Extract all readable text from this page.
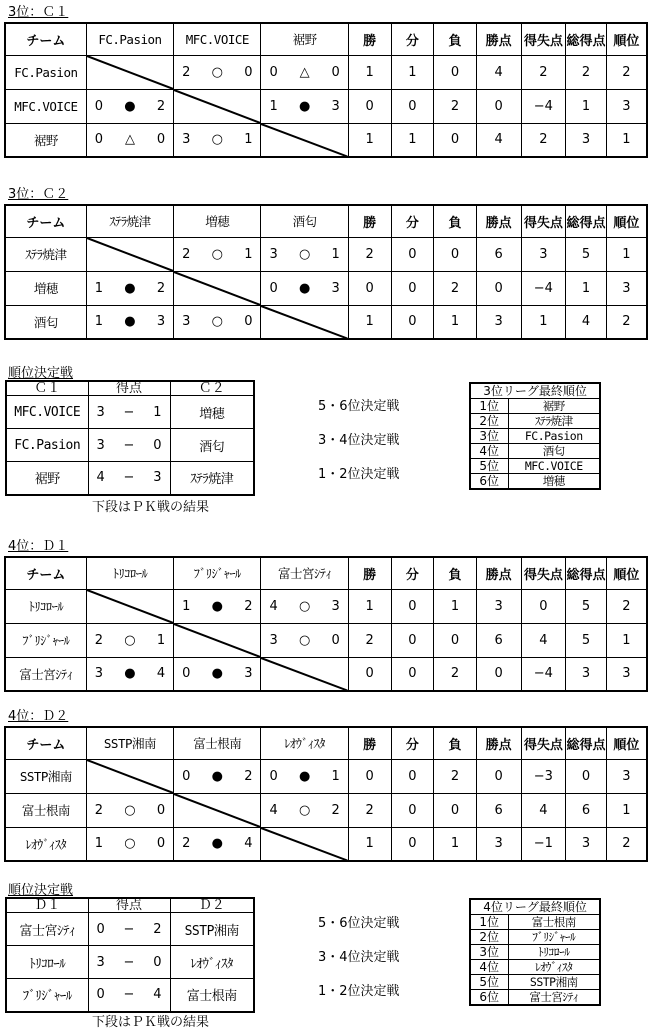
3位：Ｃ１
チーム	FC.Pasion	MFC.VOICE	裾野	勝	分	負	勝点	得失点	総得点	順位
FC.Pasion		2 ○ 0	0 △ 0	1	1	0	4	2	2	2
MFC.VOICE	0 ● 2		1 ● 3	0	0	2	0	−4	1	3
裾野	0 △ 0	3 ○ 1		1	1	0	4	2	3	1
3位：Ｃ２
チーム	ｽﾃﾗ焼津	増穂	酒匂	勝	分	負	勝点	得失点	総得点	順位
ｽﾃﾗ焼津		2 ○ 1	3 ○ 1	2	0	0	6	3	5	1
増穂	1 ● 2		0 ● 3	0	0	2	0	−4	1	3
酒匂	1 ● 3	3 ○ 0		1	0	1	3	1	4	2
4位：Ｄ１
チーム	ﾄﾘｺﾛｰﾙ	ﾌﾞﾘｼﾞｬｰﾙ	富士宮ｼﾃｨ	勝	分	負	勝点	得失点	総得点	順位
ﾄﾘｺﾛｰﾙ		1 ● 2	4 ○ 3	1	0	1	3	0	5	2
ﾌﾞﾘｼﾞｬｰﾙ	2 ○ 1		3 ○ 0	2	0	0	6	4	5	1
富士宮ｼﾃｨ	3 ● 4	0 ● 3		0	0	2	0	−4	3	3
4位：Ｄ２
チーム	SSTP湘南	富士根南	ﾚｵｳﾞｨｽﾀ	勝	分	負	勝点	得失点	総得点	順位
SSTP湘南		0 ● 2	0 ● 1	0	0	2	0	−3	0	3
富士根南	2 ○ 0		4 ○ 2	2	0	0	6	4	6	1
ﾚｵｳﾞｨｽﾀ	1 ○ 0	2 ● 4		1	0	1	3	−1	3	2
順位決定戦
Ｃ１	得点	Ｃ２
MFC.VOICE	3 − 1	増穂
FC.Pasion	3 − 0	酒匂
裾野	4 − 3	ｽﾃﾗ焼津
5・6位決定戦
3・4位決定戦
1・2位決定戦
下段はＰＫ戦の結果
3位リーグ最終順位	
1位	裾野
2位	ｽﾃﾗ焼津
3位	FC.Pasion
4位	酒匂
5位	MFC.VOICE
6位	増穂
順位決定戦
Ｄ１	得点	Ｄ２
富士宮ｼﾃｨ	0 − 2	SSTP湘南
ﾄﾘｺﾛｰﾙ	3 − 0	ﾚｵｳﾞｨｽﾀ
ﾌﾞﾘｼﾞｬｰﾙ	0 − 4	富士根南
5・6位決定戦
3・4位決定戦
1・2位決定戦
下段はＰＫ戦の結果
4位リーグ最終順位	
1位	富士根南
2位	ﾌﾞﾘｼﾞｬｰﾙ
3位	ﾄﾘｺﾛｰﾙ
4位	ﾚｵｳﾞｨｽﾀ
5位	SSTP湘南
6位	富士宮ｼﾃｨ
